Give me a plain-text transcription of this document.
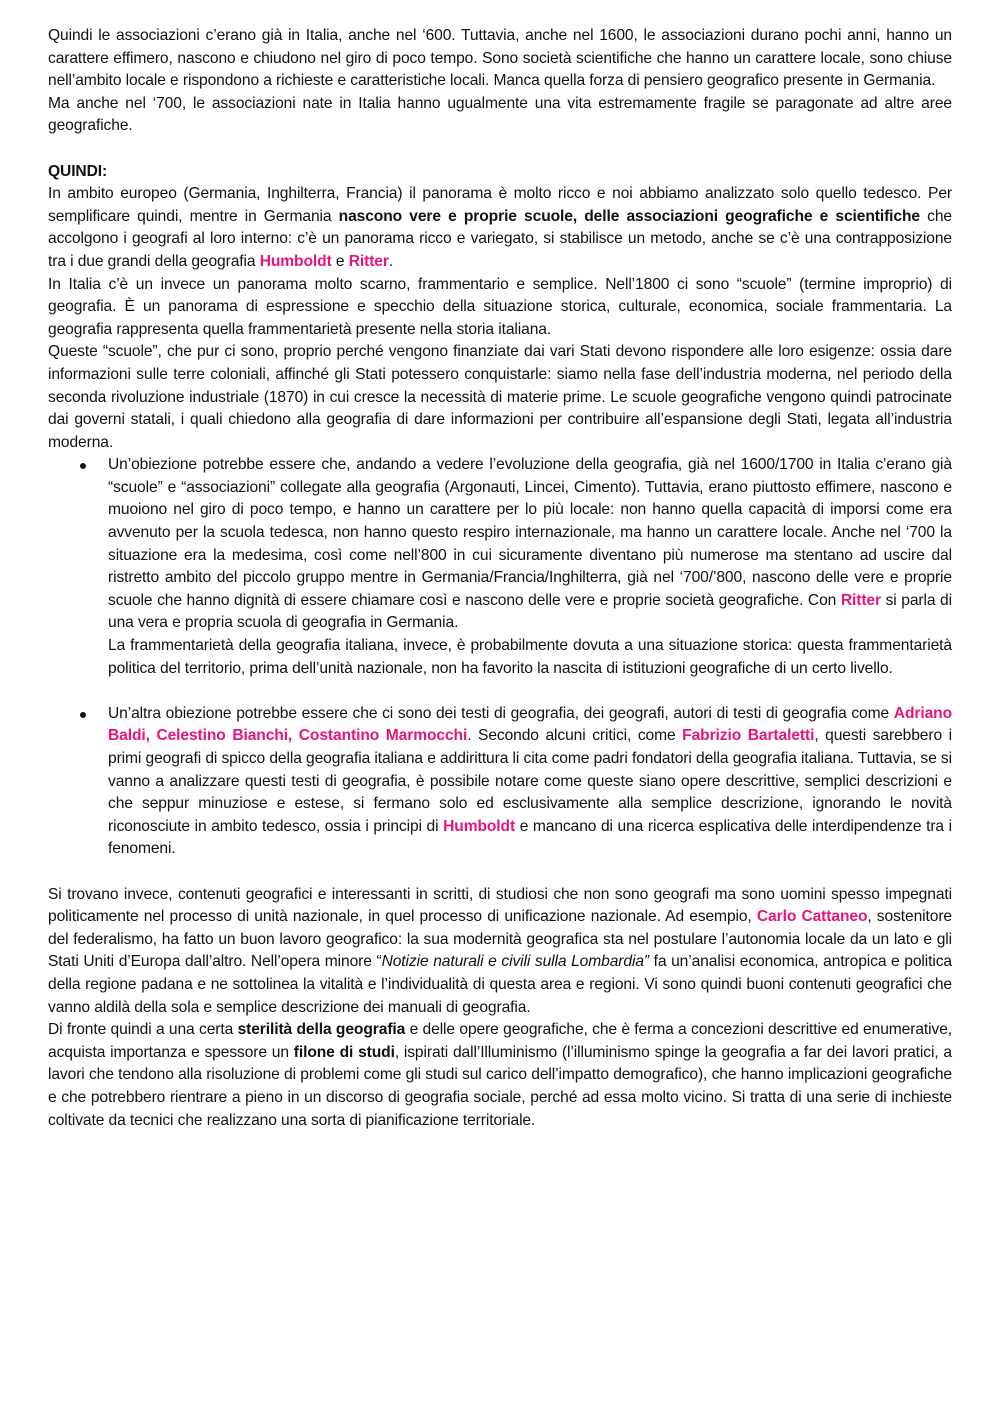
Quindi le associazioni c’erano già in Italia, anche nel ‘600. Tuttavia, anche nel 1600, le associazioni durano pochi anni, hanno un carattere effimero, nascono e chiudono nel giro di poco tempo. Sono società scientifiche che hanno un carattere locale, sono chiuse nell’ambito locale e rispondono a richieste e caratteristiche locali. Manca quella forza di pensiero geografico presente in Germania.

Ma anche nel ‘700, le associazioni nate in Italia hanno ugualmente una vita estremamente fragile se paragonate ad altre aree geografiche.

QUINDI:

In ambito europeo (Germania, Inghilterra, Francia) il panorama è molto ricco e noi abbiamo analizzato solo quello tedesco. Per semplificare quindi, mentre in Germania nascono vere e proprie scuole, delle associazioni geografiche e scientifiche che accolgono i geografi al loro interno: c’è un panorama ricco e variegato, si stabilisce un metodo, anche se c’è una contrapposizione tra i due grandi della geografia Humboldt e Ritter.

In Italia c’è un invece un panorama molto scarno, frammentario e semplice. Nell’1800 ci sono “scuole” (termine improprio) di geografia. È un panorama di espressione e specchio della situazione storica, culturale, economica, sociale frammentaria. La geografia rappresenta quella frammentarietà presente nella storia italiana.

Queste “scuole”, che pur ci sono, proprio perché vengono finanziate dai vari Stati devono rispondere alle loro esigenze: ossia dare informazioni sulle terre coloniali, affinché gli Stati potessero conquistarle: siamo nella fase dell’industria moderna, nel periodo della seconda rivoluzione industriale (1870) in cui cresce la necessità di materie prime. Le scuole geografiche vengono quindi patrocinate dai governi statali, i quali chiedono alla geografia di dare informazioni per contribuire all’espansione degli Stati, legata all’industria moderna.

Un’obiezione potrebbe essere che, andando a vedere l’evoluzione della geografia, già nel 1600/1700 in Italia c’erano già “scuole” e “associazioni” collegate alla geografia (Argonauti, Lincei, Cimento). Tuttavia, erano piuttosto effimere, nascono e muoiono nel giro di poco tempo, e hanno un carattere per lo più locale: non hanno quella capacità di imporsi come era avvenuto per la scuola tedesca, non hanno questo respiro internazionale, ma hanno un carattere locale. Anche nel ‘700 la situazione era la medesima, così come nell’800 in cui sicuramente diventano più numerose ma stentano ad uscire dal ristretto ambito del piccolo gruppo mentre in Germania/Francia/Inghilterra, già nel ‘700/’800, nascono delle vere e proprie scuole che hanno dignità di essere chiamare così e nascono delle vere e proprie società geografiche. Con Ritter si parla di una vera e propria scuola di geografia in Germania.

La frammentarietà della geografia italiana, invece, è probabilmente dovuta a una situazione storica: questa frammentarietà politica del territorio, prima dell’unità nazionale, non ha favorito la nascita di istituzioni geografiche di un certo livello.

Un’altra obiezione potrebbe essere che ci sono dei testi di geografia, dei geografi, autori di testi di geografia come Adriano Baldi, Celestino Bianchi, Costantino Marmocchi. Secondo alcuni critici, come Fabrizio Bartaletti, questi sarebbero i primi geografi di spicco della geografia italiana e addirittura li cita come padri fondatori della geografia italiana. Tuttavia, se si vanno a analizzare questi testi di geografia, è possibile notare come queste siano opere descrittive, semplici descrizioni e che seppur minuziose e estese, si fermano solo ed esclusivamente alla semplice descrizione, ignorando le novità riconosciute in ambito tedesco, ossia i principi di Humboldt e mancano di una ricerca esplicativa delle interdipendenze tra i fenomeni.

Si trovano invece, contenuti geografici e interessanti in scritti, di studiosi che non sono geografi ma sono uomini spesso impegnati politicamente nel processo di unità nazionale, in quel processo di unificazione nazionale. Ad esempio, Carlo Cattaneo, sostenitore del federalismo, ha fatto un buon lavoro geografico: la sua modernità geografica sta nel postulare l’autonomia locale da un lato e gli Stati Uniti d’Europa dall’altro. Nell’opera minore “Notizie naturali e civili sulla Lombardia” fa un’analisi economica, antropica e politica della regione padana e ne sottolinea la vitalità e l’individualità di questa area e regioni. Vi sono quindi buoni contenuti geografici che vanno aldilà della sola e semplice descrizione dei manuali di geografia.

Di fronte quindi a una certa sterilità della geografia e delle opere geografiche, che è ferma a concezioni descrittive ed enumerative, acquista importanza e spessore un filone di studi, ispirati dall’Illuminismo (l’illuminismo spinge la geografia a far dei lavori pratici, a lavori che tendono alla risoluzione di problemi come gli studi sul carico dell’impatto demografico), che hanno implicazioni geografiche e che potrebbero rientrare a pieno in un discorso di geografia sociale, perché ad essa molto vicino. Si tratta di una serie di inchieste coltivate da tecnici che realizzano una sorta di pianificazione territoriale.
